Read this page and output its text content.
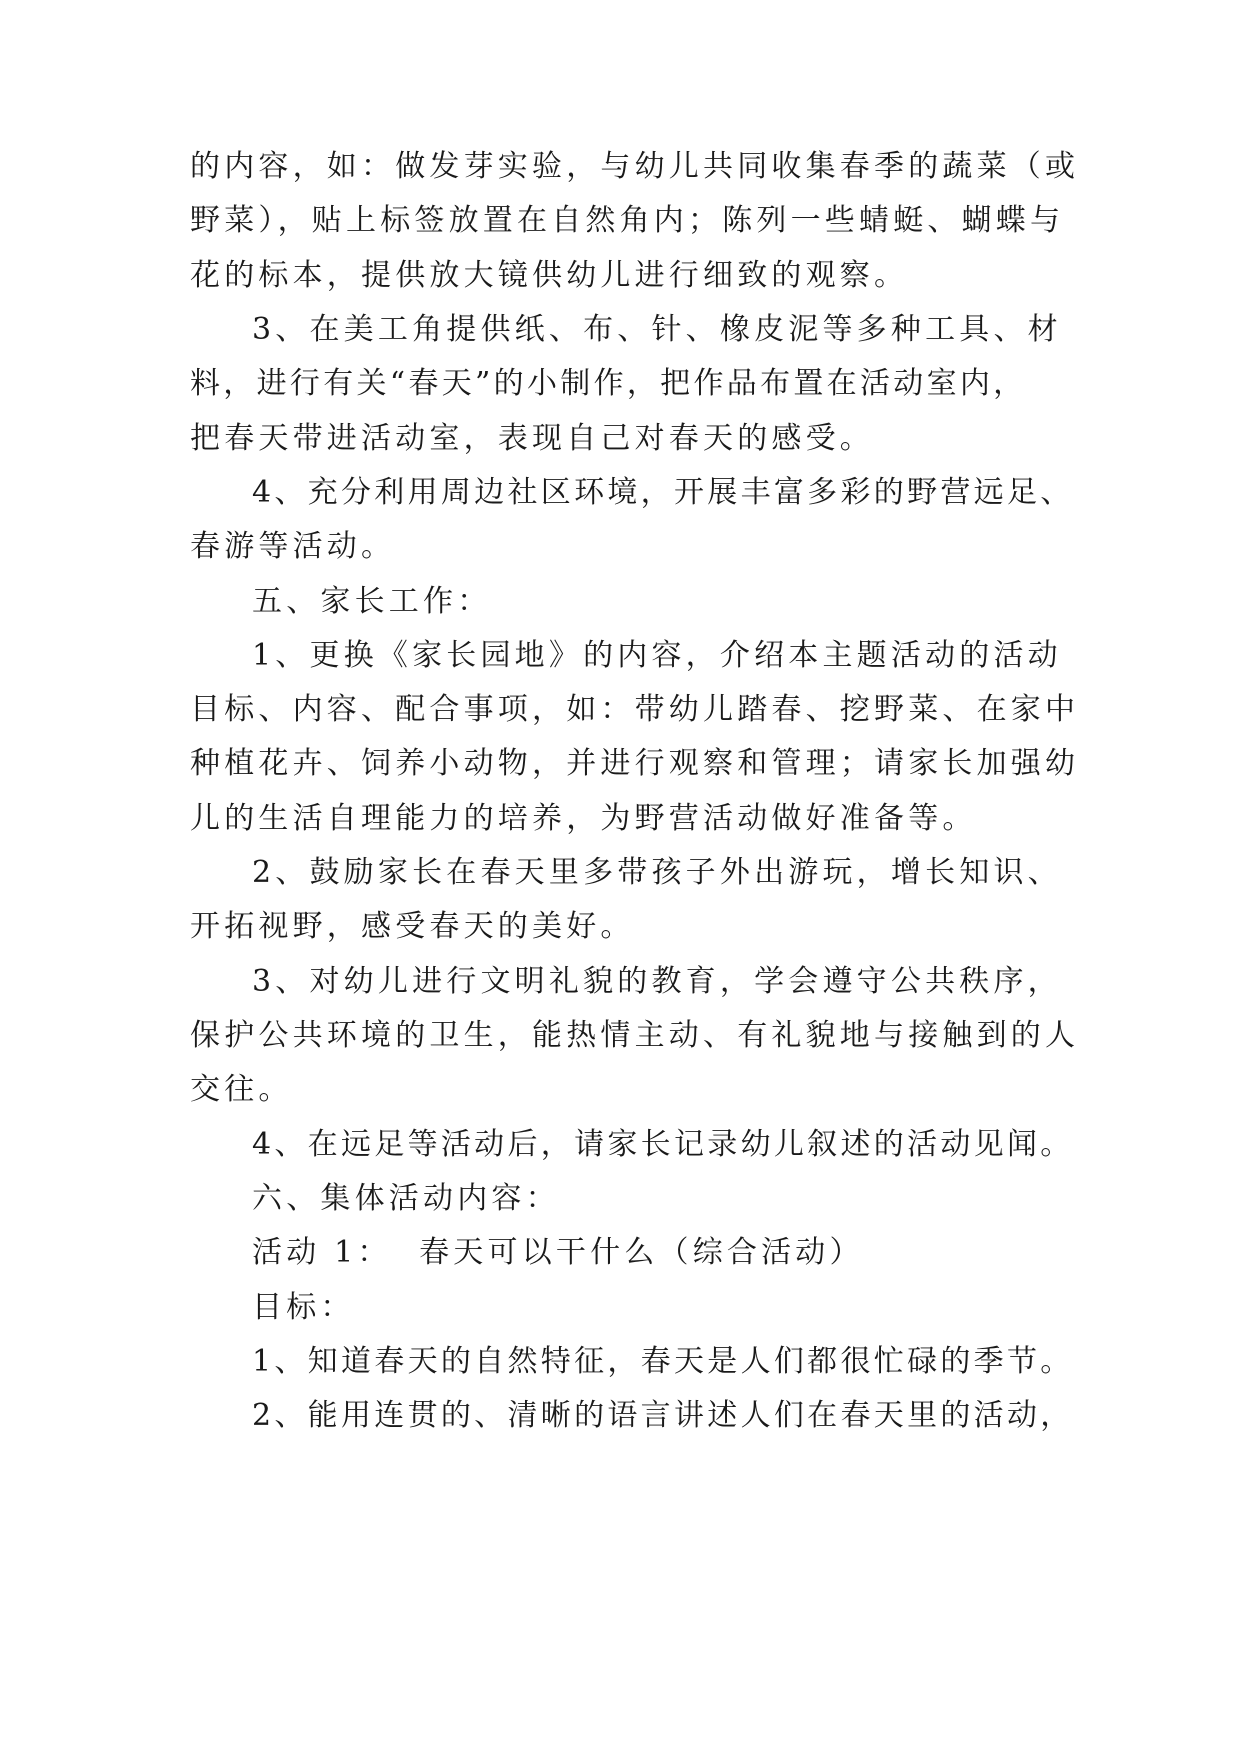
的内容，如：做发芽实验，与幼儿共同收集春季的蔬菜（或
野菜），贴上标签放置在自然角内；陈列一些蜻蜓、蝴蝶与
花的标本，提供放大镜供幼儿进行细致的观察。
3、在美工角提供纸、布、针、橡皮泥等多种工具、材
料，进行有关“春天”的小制作，把作品布置在活动室内，
把春天带进活动室，表现自己对春天的感受。
4、充分利用周边社区环境，开展丰富多彩的野营远足、
春游等活动。
五、家长工作：
1、更换《家长园地》的内容，介绍本主题活动的活动
目标、内容、配合事项，如：带幼儿踏春、挖野菜、在家中
种植花卉、饲养小动物，并进行观察和管理；请家长加强幼
儿的生活自理能力的培养，为野营活动做好准备等。
2、鼓励家长在春天里多带孩子外出游玩，增长知识、
开拓视野，感受春天的美好。
3、对幼儿进行文明礼貌的教育，学会遵守公共秩序，
保护公共环境的卫生，能热情主动、有礼貌地与接触到的人
交往。
4、在远足等活动后，请家长记录幼儿叙述的活动见闻。
六、集体活动内容：
活动 1：  春天可以干什么（综合活动）
目标：
1、知道春天的自然特征，春天是人们都很忙碌的季节。
2、能用连贯的、清晰的语言讲述人们在春天里的活动，
